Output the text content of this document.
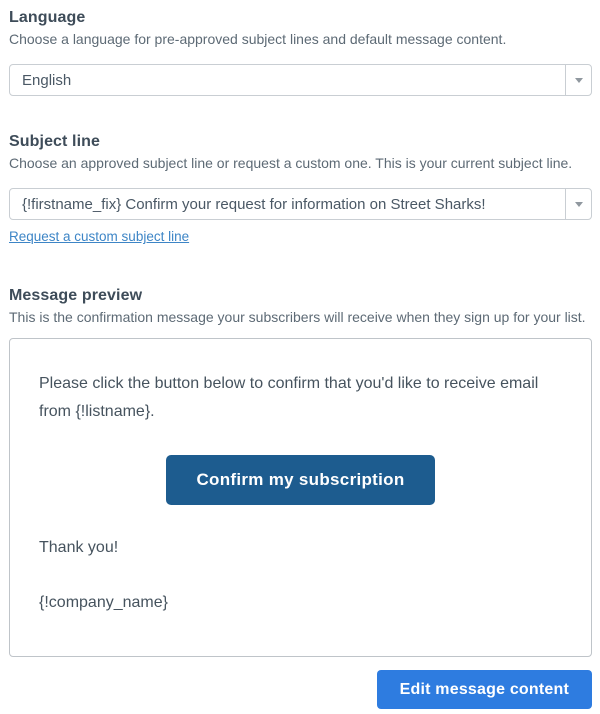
Language

Choose a language for pre-approved subject lines and default message content.

English
Subject line

Choose an approved subject line or request a custom one. This is your current subject line.

{!firstname_fix} Confirm your request for information on Street Sharks!
Request a custom subject line
Message preview

This is the confirmation message your subscribers will receive when they sign up for your list.

Please click the button below to confirm that you'd like to receive email from {!listname}.

Confirm my subscription

Thank you!

{!company_name}

Edit message content
